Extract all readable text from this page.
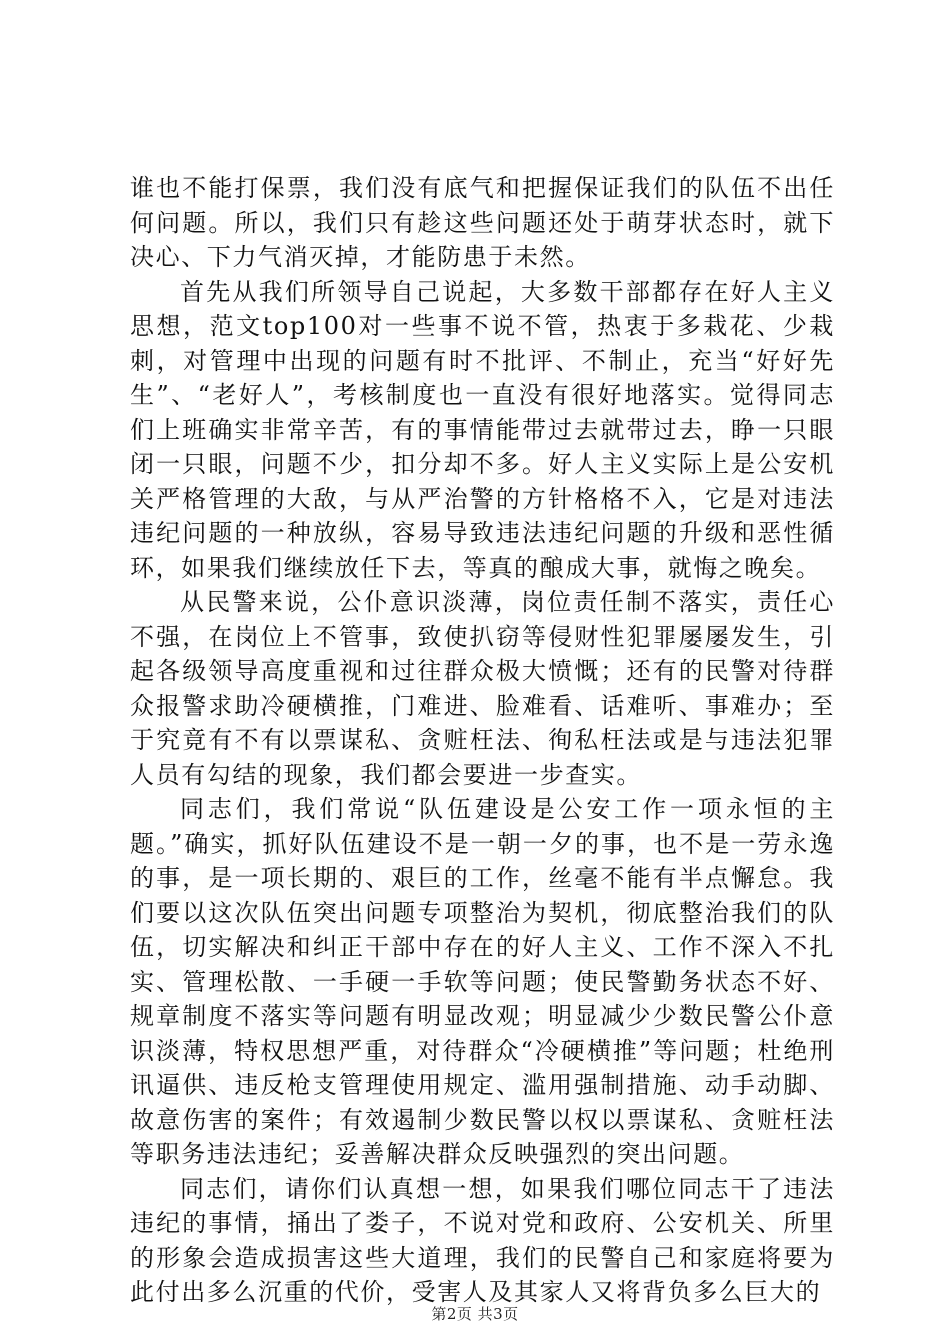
谁也不能打保票，我们没有底气和把握保证我们的队伍不出任何问题。所以，我们只有趁这些问题还处于萌芽状态时，就下决心、下力气消灭掉，才能防患于未然。

首先从我们所领导自己说起，大多数干部都存在好人主义思想，范文top100对一些事不说不管，热衷于多栽花、少栽刺，对管理中出现的问题有时不批评、不制止，充当“好好先生”、“老好人”，考核制度也一直没有很好地落实。觉得同志们上班确实非常辛苦，有的事情能带过去就带过去，睁一只眼闭一只眼，问题不少，扣分却不多。好人主义实际上是公安机关严格管理的大敌，与从严治警的方针格格不入，它是对违法违纪问题的一种放纵，容易导致违法违纪问题的升级和恶性循环，如果我们继续放任下去，等真的酿成大事，就悔之晚矣。

从民警来说，公仆意识淡薄，岗位责任制不落实，责任心不强，在岗位上不管事，致使扒窃等侵财性犯罪屡屡发生，引起各级领导高度重视和过往群众极大愤慨；还有的民警对待群众报警求助冷硬横推，门难进、脸难看、话难听、事难办；至于究竟有不有以票谋私、贪赃枉法、徇私枉法或是与违法犯罪人员有勾结的现象，我们都会要进一步查实。

同志们，我们常说“队伍建设是公安工作一项永恒的主题。”确实，抓好队伍建设不是一朝一夕的事，也不是一劳永逸的事，是一项长期的、艰巨的工作，丝毫不能有半点懈怠。我们要以这次队伍突出问题专项整治为契机，彻底整治我们的队伍，切实解决和纠正干部中存在的好人主义、工作不深入不扎实、管理松散、一手硬一手软等问题；使民警勤务状态不好、规章制度不落实等问题有明显改观；明显减少少数民警公仆意识淡薄，特权思想严重，对待群众“冷硬横推”等问题；杜绝刑讯逼供、违反枪支管理使用规定、滥用强制措施、动手动脚、故意伤害的案件；有效遏制少数民警以权以票谋私、贪赃枉法等职务违法违纪；妥善解决群众反映强烈的突出问题。

同志们，请你们认真想一想，如果我们哪位同志干了违法违纪的事情，捅出了娄子，不说对党和政府、公安机关、所里的形象会造成损害这些大道理，我们的民警自己和家庭将要为此付出多么沉重的代价，受害人及其家人又将背负多么巨大的

第2页 共3页
